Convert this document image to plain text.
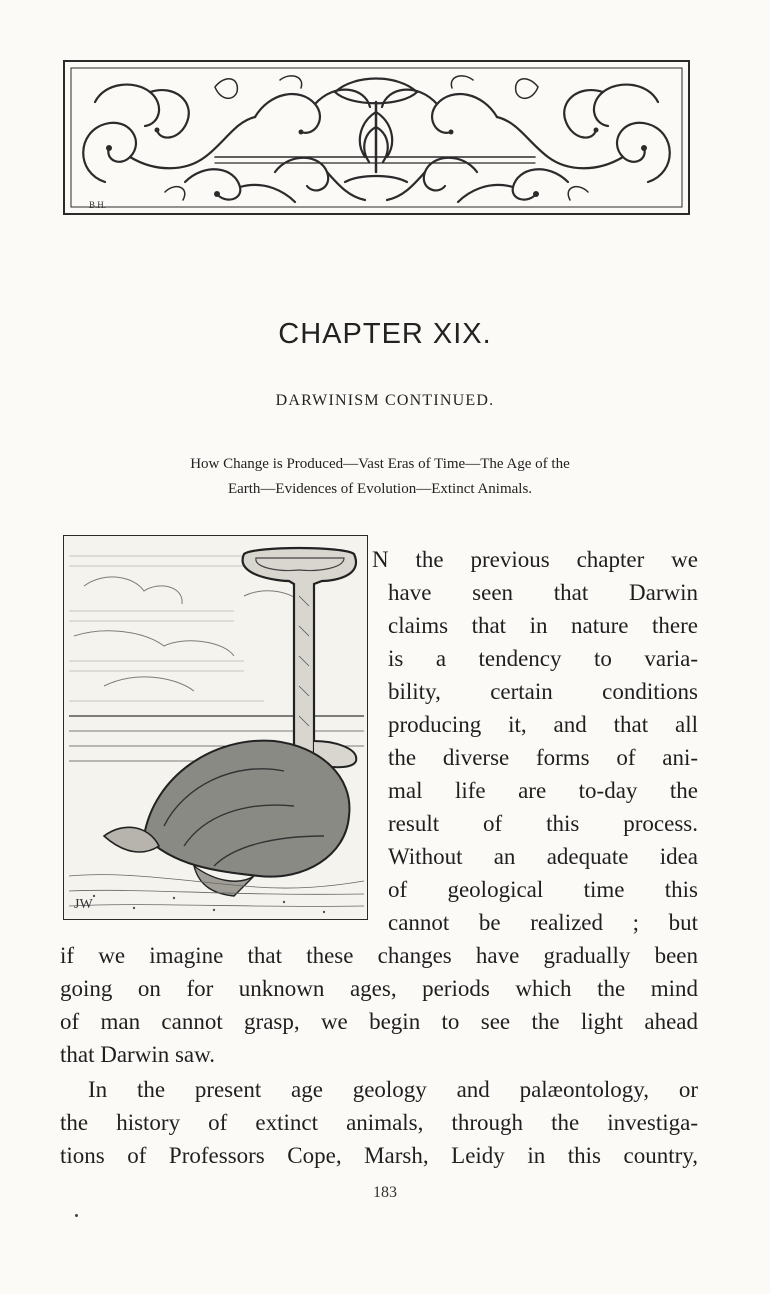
B.H.
CHAPTER XIX.
DARWINISM CONTINUED.
How Change is Produced—Vast Eras of Time—The Age of the
Earth—Evidences of Evolution—Extinct Animals.
JW
N the previous chapter we
have seen that Darwin
claims that in nature there
is a tendency to varia-
bility, certain conditions
producing it, and that all
the diverse forms of ani-
mal life are to-day the
result of this process.
Without an adequate idea
of geological time this
cannot be realized ; but
if we imagine that these changes have gradually been
going on for unknown ages, periods which the mind
of man cannot grasp, we begin to see the light ahead
that Darwin saw.
In the present age geology and palæontology, or
the history of extinct animals, through the investiga-
tions of Professors Cope, Marsh, Leidy in this country,
183
